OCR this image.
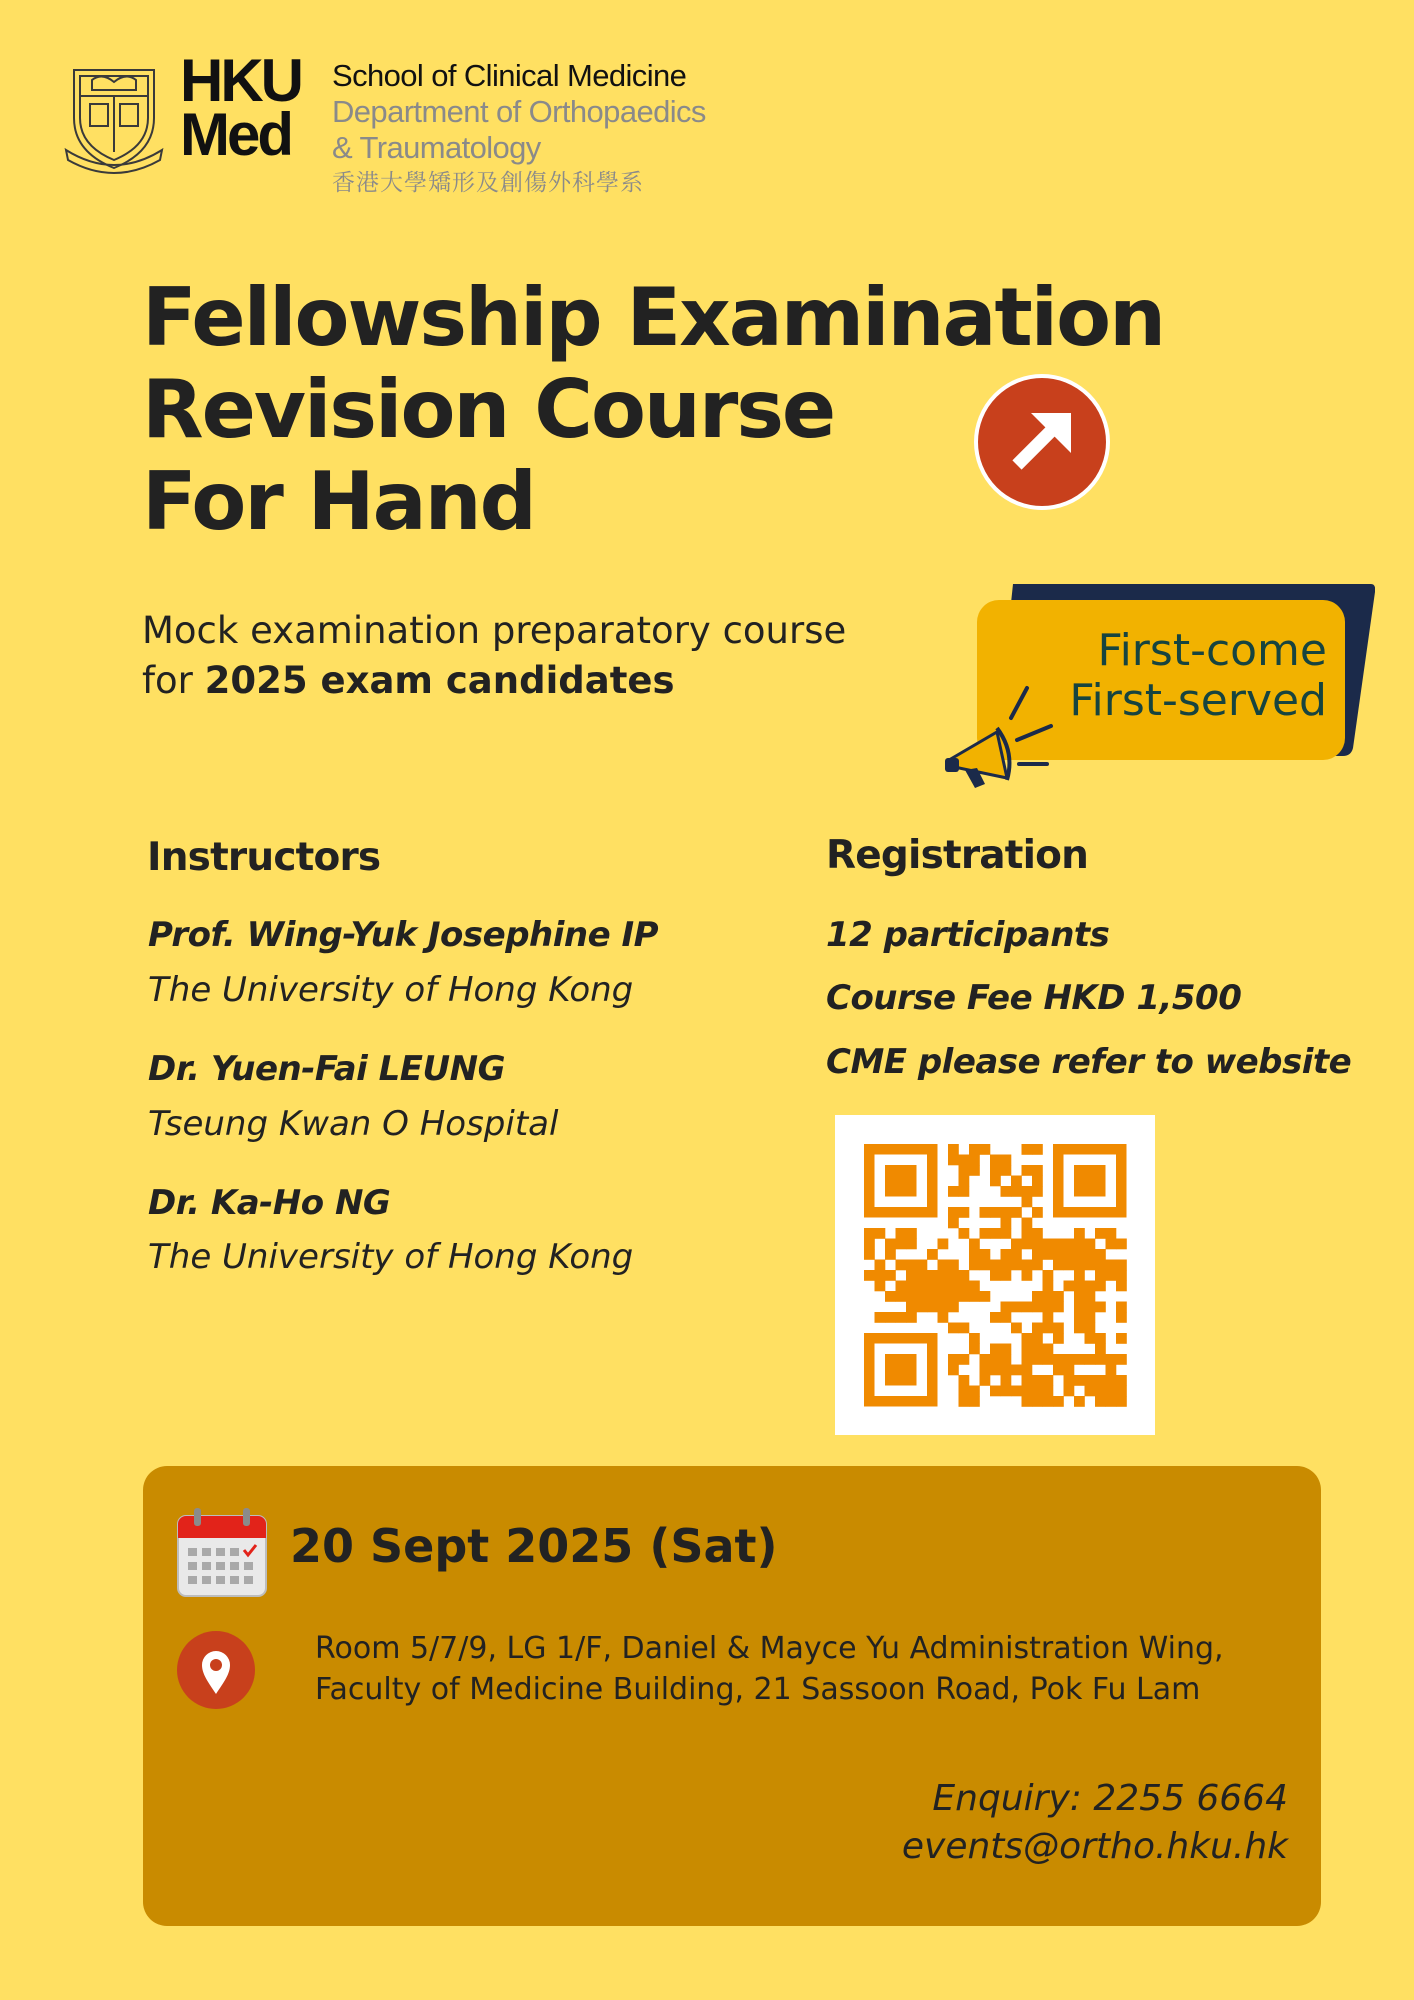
HKU
Med
School of Clinical Medicine
Department of Orthopaedics
& Traumatology
香港大學矯形及創傷外科學系
Fellowship Examination
Revision Course
For Hand
Mock examination preparatory course
for 2025 exam candidates
First-come
First-served
Instructors
Prof. Wing-Yuk Josephine IP
The University of Hong Kong
Dr. Yuen-Fai LEUNG
Tseung Kwan O Hospital
Dr. Ka-Ho NG
The University of Hong Kong
Registration
12 participants
Course Fee HKD 1,500
CME please refer to website
20 Sept 2025 (Sat)
Room 5/7/9, LG 1/F, Daniel & Mayce Yu Administration Wing,
Faculty of Medicine Building, 21 Sassoon Road, Pok Fu Lam
Enquiry: 2255 6664
events@ortho.hku.hk
